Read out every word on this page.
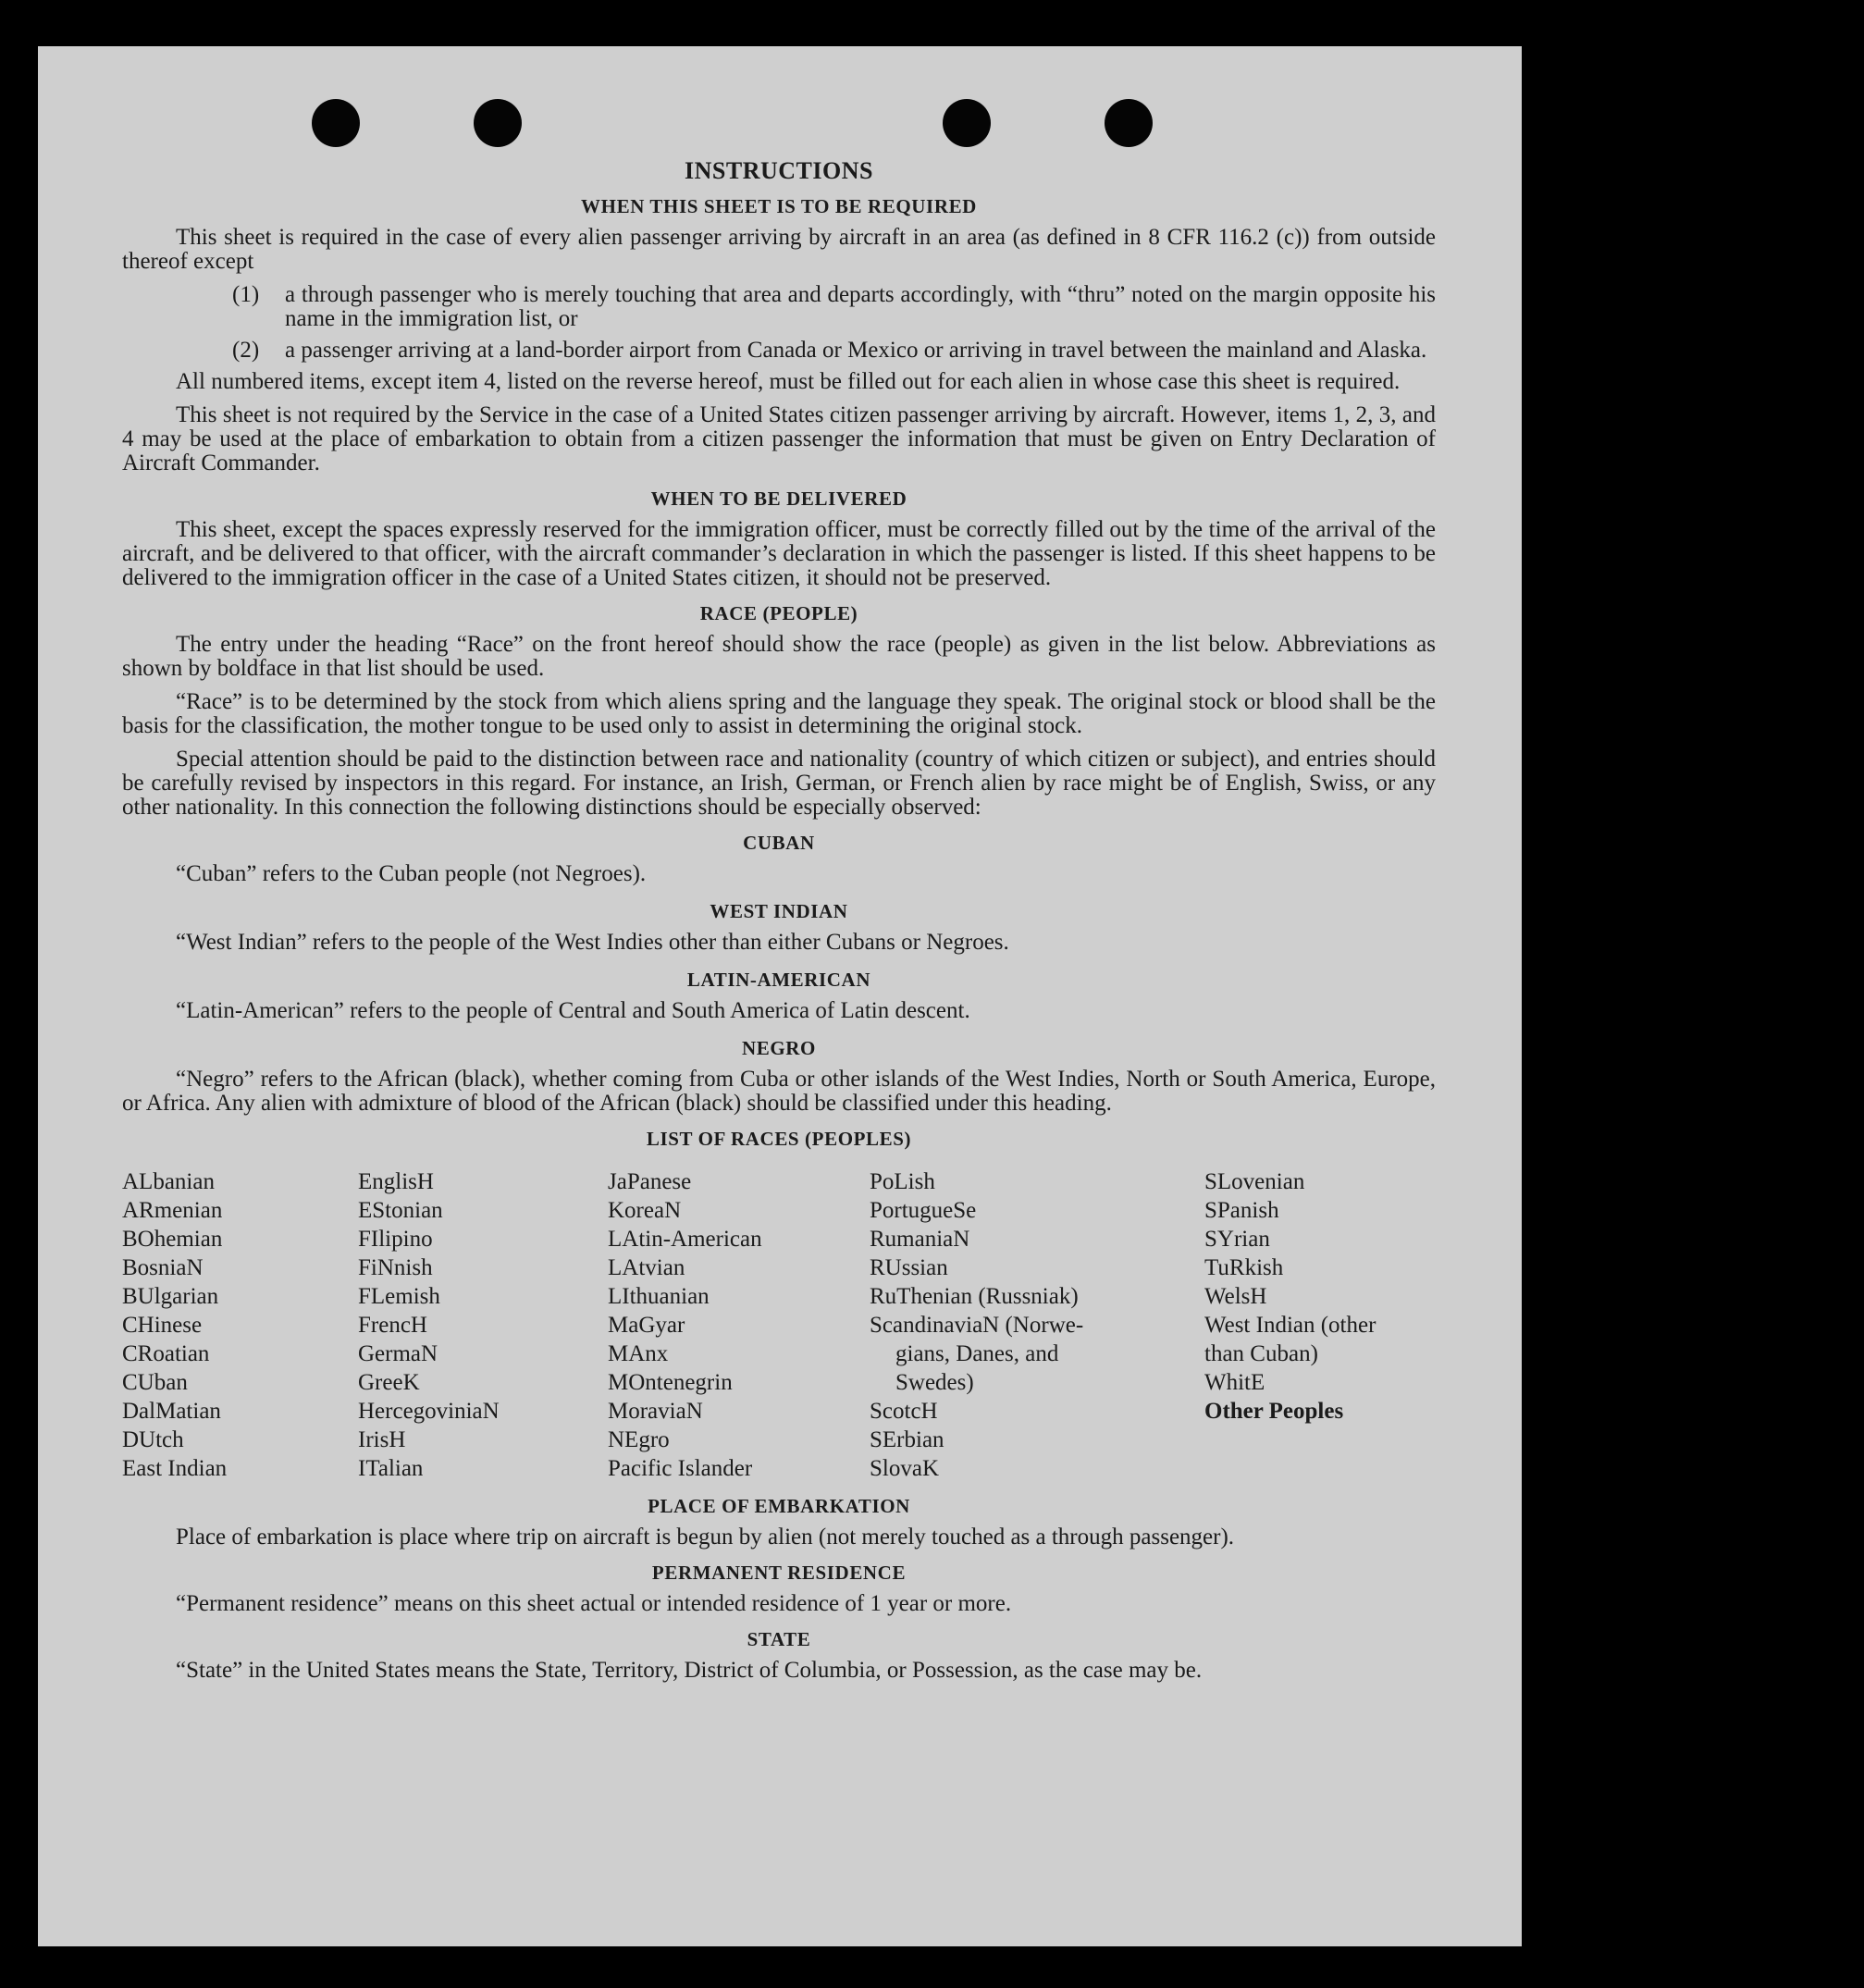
INSTRUCTIONS
WHEN THIS SHEET IS TO BE REQUIRED

This sheet is required in the case of every alien passenger arriving by aircraft in an area (as defined in 8 CFR 116.2 (c)) from outside thereof except

(1)	a through passenger who is merely touching that area and departs accordingly, with “thru” noted on the margin opposite his name in the immigration list, or
(2)	a passenger arriving at a land-border airport from Canada or Mexico or arriving in travel between the mainland and Alaska.

All numbered items, except item 4, listed on the reverse hereof, must be filled out for each alien in whose case this sheet is required.

This sheet is not required by the Service in the case of a United States citizen passenger arriving by aircraft. However, items 1, 2, 3, and 4 may be used at the place of embarkation to obtain from a citizen passenger the information that must be given on Entry Declaration of Aircraft Commander.

WHEN TO BE DELIVERED

This sheet, except the spaces expressly reserved for the immigration officer, must be correctly filled out by the time of the arrival of the aircraft, and be delivered to that officer, with the aircraft commander’s declaration in which the passenger is listed. If this sheet happens to be delivered to the immigration officer in the case of a United States citizen, it should not be preserved.

RACE (PEOPLE)

The entry under the heading “Race” on the front hereof should show the race (people) as given in the list below. Abbreviations as shown by boldface in that list should be used.

“Race” is to be determined by the stock from which aliens spring and the language they speak. The original stock or blood shall be the basis for the classification, the mother tongue to be used only to assist in determining the original stock.

Special attention should be paid to the distinction between race and nationality (country of which citizen or subject), and entries should be carefully revised by inspectors in this regard. For instance, an Irish, German, or French alien by race might be of English, Swiss, or any other nationality. In this connection the following distinctions should be especially observed:

CUBAN
“Cuban” refers to the Cuban people (not Negroes).
WEST INDIAN
“West Indian” refers to the people of the West Indies other than either Cubans or Negroes.
LATIN-AMERICAN
“Latin-American” refers to the people of Central and South America of Latin descent.
NEGRO

“Negro” refers to the African (black), whether coming from Cuba or other islands of the West Indies, North or South America, Europe, or Africa. Any alien with admixture of blood of the African (black) should be classified under this heading.

LIST OF RACES (PEOPLES)
ALbanian
ARmenian
BOhemian
BosniaN
BUlgarian
CHinese
CRoatian
CUban
DalMatian
DUtch
East Indian
EnglisH
EStonian
FIlipino
FiNnish
FLemish
FrencH
GermaN
GreeK
HercegoviniaN
IrisH
ITalian
JaPanese
KoreaN
LAtin-American
LAtvian
LIthuanian
MaGyar
MAnx
MOntenegrin
MoraviaN
NEgro
Pacific Islander
PoLish
PortugueSe
RumaniaN
RUssian
RuThenian (Russniak)
ScandinaviaN (Norwe-
gians, Danes, and
Swedes)
ScotcH
SErbian
SlovaK
SLovenian
SPanish
SYrian
TuRkish
WelsH
West Indian (other
than Cuban)
WhitE
Other Peoples
PLACE OF EMBARKATION

Place of embarkation is place where trip on aircraft is begun by alien (not merely touched as a through passenger).

PERMANENT RESIDENCE

“Permanent residence” means on this sheet actual or intended residence of 1 year or more.

STATE

“State” in the United States means the State, Territory, District of Columbia, or Possession, as the case may be.
